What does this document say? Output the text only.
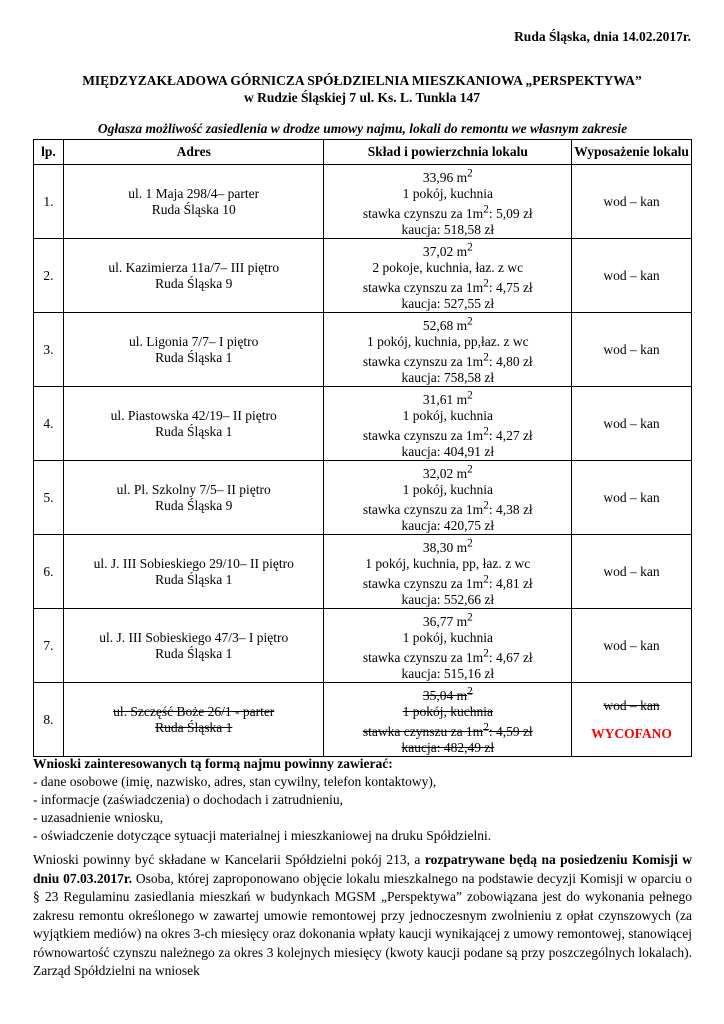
Ruda Śląska, dnia 14.02.2017r.
MIĘDZYZAKŁADOWA GÓRNICZA SPÓŁDZIELNIA MIESZKANIOWA „PERSPEKTYWA”
w Rudzie Śląskiej 7 ul. Ks. L. Tunkla 147
Ogłasza możliwość zasiedlenia w drodze umowy najmu, lokali do remontu we własnym zakresie
lp.	Adres	Skład i powierzchnia lokalu	Wyposażenie lokalu
1.	ul. 1 Maja 298/4– parter
Ruda Śląska 10	33,96 $m^2$
1 pokój, kuchnia
stawka czynszu za $1m^2$: 5,09 zł
kaucja: 518,58 zł	wod – kan

2.	ul. Kazimierza 11a/7– III piętro
Ruda Śląska 9	37,02 $m^2$
2 pokoje, kuchnia, łaz. z wc
stawka czynszu za $1m^2$: 4,75 zł
kaucja: 527,55 zł	wod – kan

3.	ul. Ligonia 7/7– I piętro
Ruda Śląska 1	52,68 $m^2$
1 pokój, kuchnia, pp,łaz. z wc
stawka czynszu za $1m^2$: 4,80 zł
kaucja: 758,58 zł	wod – kan

4.	ul. Piastowska 42/19– II piętro
Ruda Śląska 1	31,61 $m^2$
1 pokój, kuchnia
stawka czynszu za $1m^2$: 4,27 zł
kaucja: 404,91 zł	wod – kan

5.	ul. Pl. Szkolny 7/5– II piętro
Ruda Śląska 9	32,02 $m^2$
1 pokój, kuchnia
stawka czynszu za $1m^2$: 4,38 zł
kaucja: 420,75 zł	wod – kan

6.	ul. J. III Sobieskiego 29/10– II piętro
Ruda Śląska 1	38,30 $m^2$
1 pokój, kuchnia, pp, łaz. z wc
stawka czynszu za $1m^2$: 4,81 zł
kaucja: 552,66 zł	wod – kan

7.	ul. J. III Sobieskiego 47/3– I piętro
Ruda Śląska 1	36,77 $m^2$
1 pokój, kuchnia
stawka czynszu za $1m^2$: 4,67 zł
kaucja: 515,16 zł	wod – kan

8.	ul. Szczęść Boże 26/1 - parter
Ruda Śląska 1	35,04 $m^2$
1 pokój, kuchnia
stawka czynszu za $1m^2$: 4,59 zł
kaucja: 482,49 zł	wod – kan
WYCOFANO
Wnioski zainteresowanych tą formą najmu powinny zawierać:
- dane osobowe (imię, nazwisko, adres, stan cywilny, telefon kontaktowy),
- informacje (zaświadczenia) o dochodach i zatrudnieniu,
- uzasadnienie wniosku,
- oświadczenie dotyczące sytuacji materialnej i mieszkaniowej na druku Spółdzielni.
Wnioski powinny być składane w Kancelarii Spółdzielni pokój 213, a rozpatrywane będą na posiedzeniu Komisji w dniu 07.03.2017r. Osoba, której zaproponowano objęcie lokalu mieszkalnego na podstawie decyzji Komisji w oparciu o § 23 Regulaminu zasiedlania mieszkań w budynkach MGSM „Perspektywa” zobowiązana jest do wykonania pełnego zakresu remontu określonego w zawartej umowie remontowej przy jednoczesnym zwolnieniu z opłat czynszowych (za wyjątkiem mediów) na okres 3-ch miesięcy oraz dokonania wpłaty kaucji wynikającej z umowy remontowej, stanowiącej równowartość czynszu należnego za okres 3 kolejnych miesięcy (kwoty kaucji podane są przy poszczególnych lokalach). Zarząd Spółdzielni na wniosek
